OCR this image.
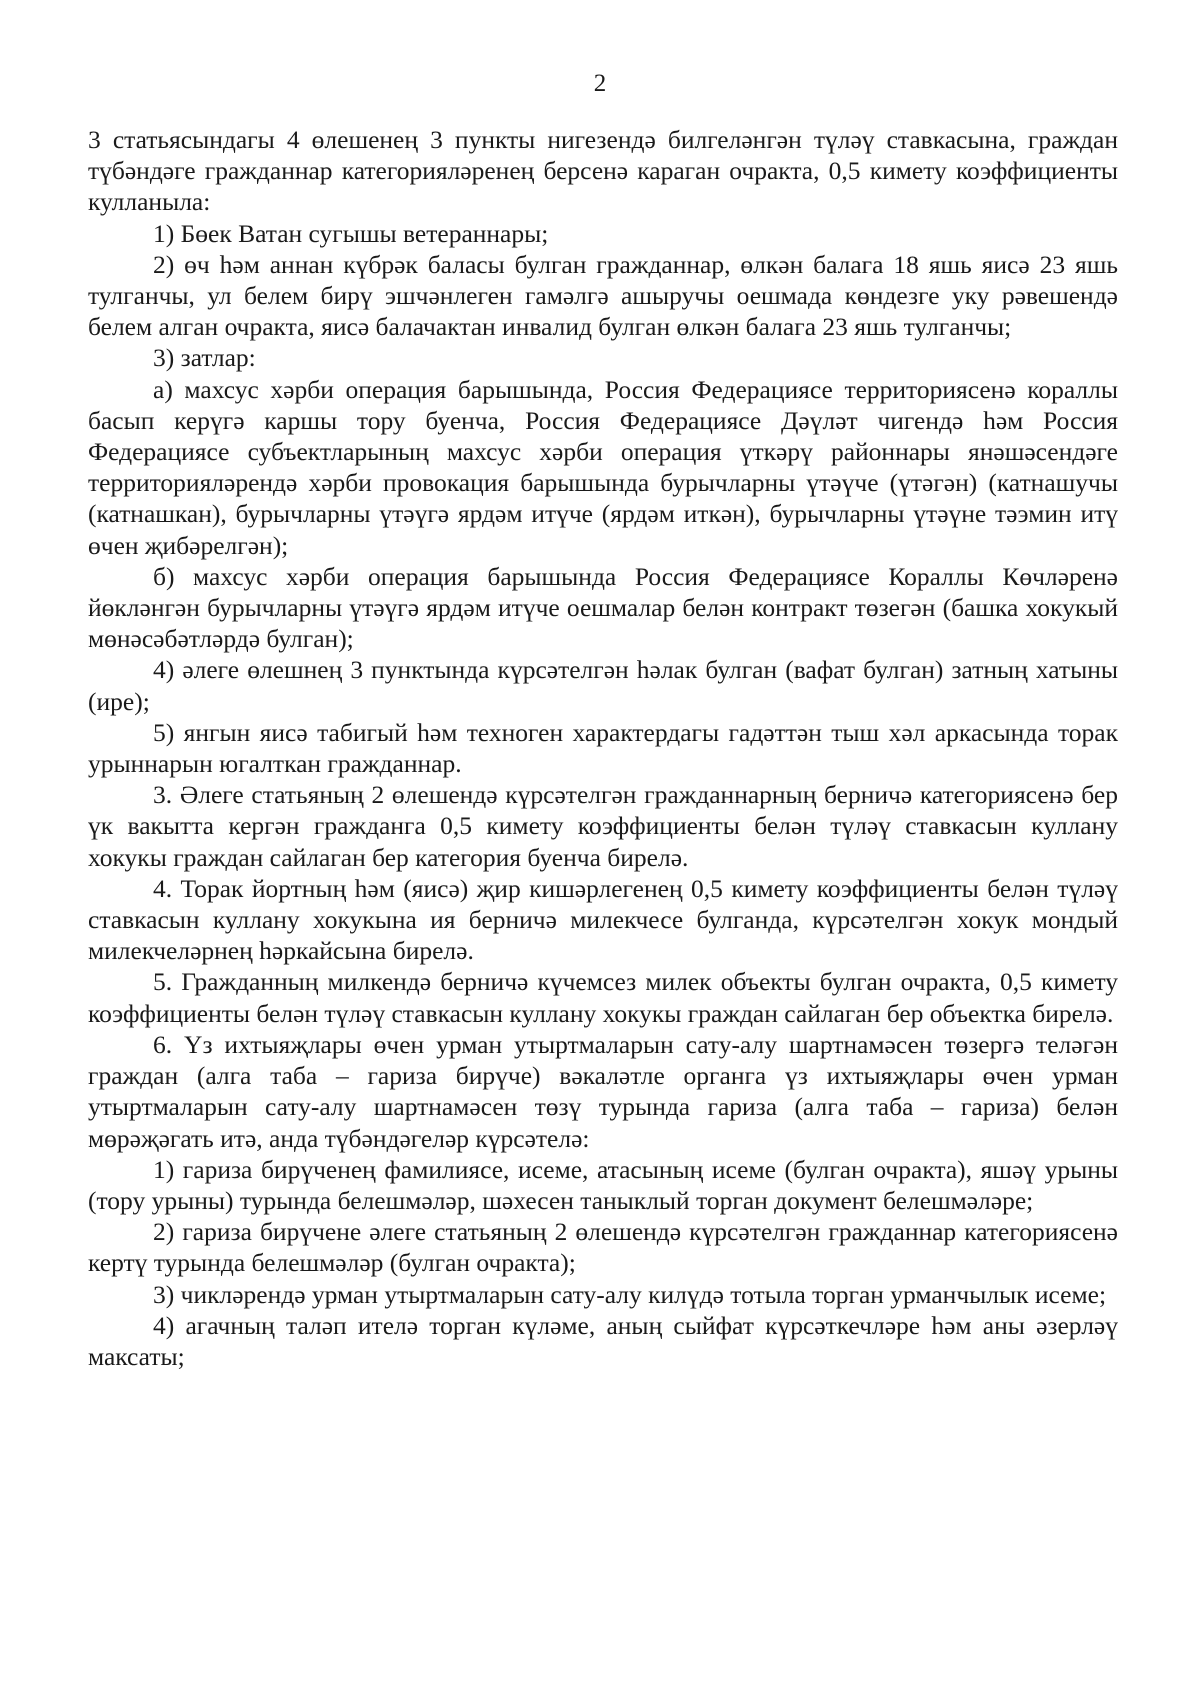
2

3 статьясындагы 4 өлешенең 3 пункты нигезендә билгеләнгән түләү ставкасына, граждан түбәндәге гражданнар категорияләренең берсенә караган очракта, 0,5 кимету коэффициенты кулланыла:

1) Бөек Ватан сугышы ветераннары;

2) өч һәм аннан күбрәк баласы булган гражданнар, өлкән балага 18 яшь яисә 23 яшь тулганчы, ул белем бирү эшчәнлеген гамәлгә ашыручы оешмада көндезге уку рәвешендә белем алган очракта, яисә балачактан инвалид булган өлкән балага 23 яшь тулганчы;

3) затлар:

а) махсус хәрби операция барышында, Россия Федерациясе территориясенә кораллы басып керүгә каршы тору буенча, Россия Федерациясе Дәүләт чигендә һәм Россия Федерациясе субъектларының махсус хәрби операция үткәрү районнары янәшәсендәге территорияләрендә хәрби провокация барышында бурычларны үтәүче (үтәгән) (катнашучы (катнашкан), бурычларны үтәүгә ярдәм итүче (ярдәм иткән), бурычларны үтәүне тәэмин итү өчен җибәрелгән);

б) махсус хәрби операция барышында Россия Федерациясе Кораллы Көчләренә йөкләнгән бурычларны үтәүгә ярдәм итүче оешмалар белән контракт төзегән (башка хокукый мөнәсәбәтләрдә булган);

4) әлеге өлешнең 3 пунктында күрсәтелгән һәлак булган (вафат булган) затның хатыны (ире);

5) янгын яисә табигый һәм техноген характердагы гадәттән тыш хәл аркасында торак урыннарын югалткан гражданнар.

3. Әлеге статьяның 2 өлешендә күрсәтелгән гражданнарның берничә категориясенә бер үк вакытта кергән гражданга 0,5 кимету коэффициенты белән түләү ставкасын куллану хокукы граждан сайлаган бер категория буенча бирелә.

4. Торак йортның һәм (яисә) җир кишәрлегенең 0,5 кимету коэффициенты белән түләү ставкасын куллану хокукына ия берничә милекчесе булганда, күрсәтелгән хокук мондый милекчеләрнең һәркайсына бирелә.

5. Гражданның милкендә берничә күчемсез милек объекты булган очракта, 0,5 кимету коэффициенты белән түләү ставкасын куллану хокукы граждан сайлаган бер объектка бирелә.

6. Үз ихтыяҗлары өчен урман утыртмаларын сату-алу шартнамәсен төзергә теләгән граждан (алга таба – гариза бирүче) вәкаләтле органга үз ихтыяҗлары өчен урман утыртмаларын сату-алу шартнамәсен төзү турында гариза (алга таба – гариза) белән мөрәҗәгать итә, анда түбәндәгеләр күрсәтелә:

1) гариза бирүченең фамилиясе, исеме, атасының исеме (булган очракта), яшәү урыны (тору урыны) турында белешмәләр, шәхесен таныклый торган документ белешмәләре;

2) гариза бирүчене әлеге статьяның 2 өлешендә күрсәтелгән гражданнар категориясенә кертү турында белешмәләр (булган очракта);

3) чикләрендә урман утыртмаларын сату-алу килүдә тотыла торган урманчылык исеме;

4) агачның таләп ителә торган күләме, аның сыйфат күрсәткечләре һәм аны әзерләү максаты;
